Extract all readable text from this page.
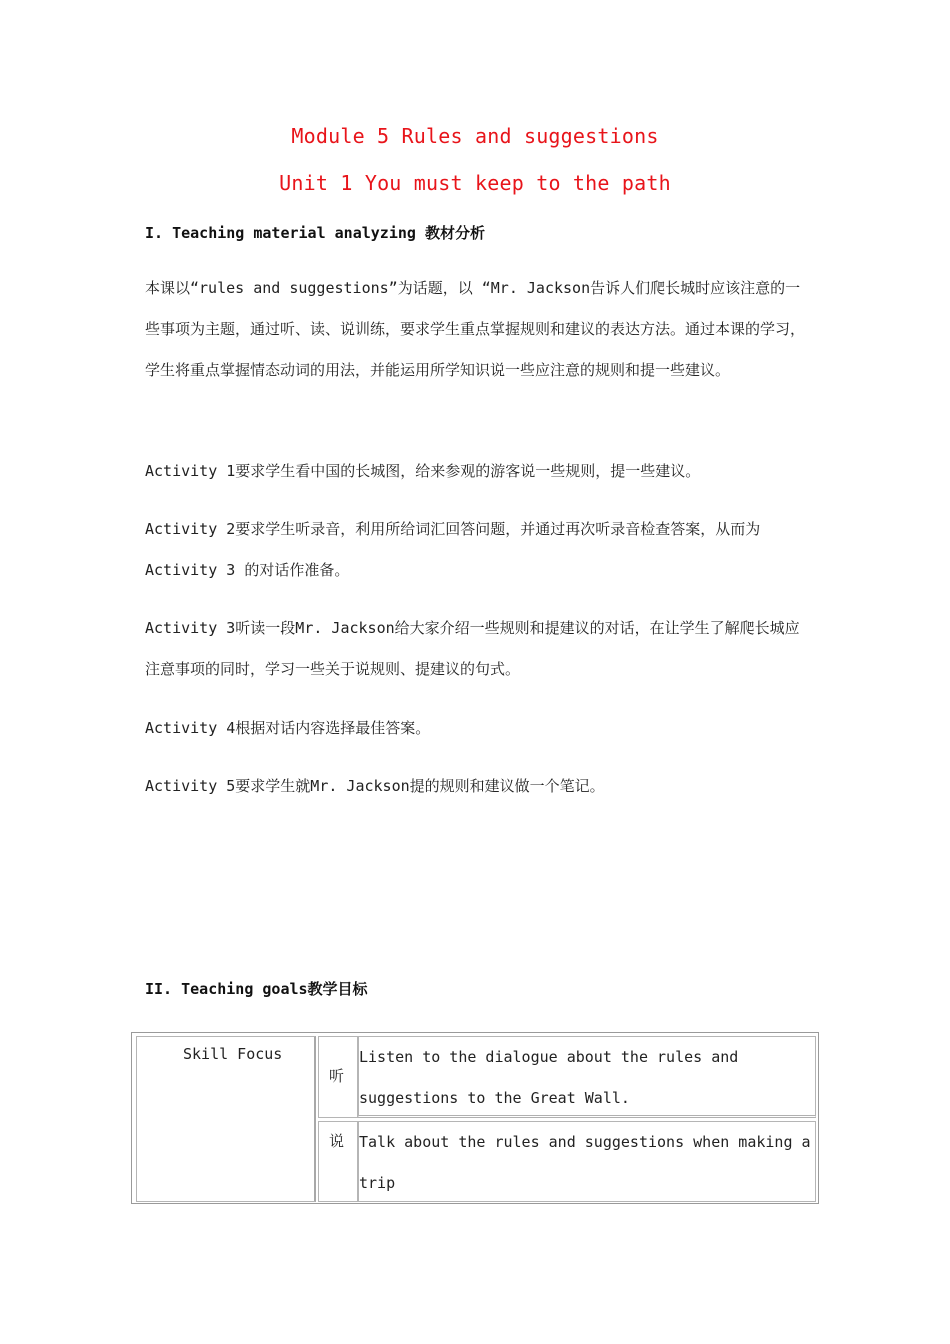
Module 5 Rules and suggestions
Unit 1 You must keep to the path
I. Teaching material analyzing 教材分析
本课以“rules and suggestions”为话题，以 “Mr. Jackson告诉人们爬长城时应该注意的一些事项为主题，通过听、读、说训练，要求学生重点掌握规则和建议的表达方法。通过本课的学习，学生将重点掌握情态动词的用法，并能运用所学知识说一些应注意的规则和提一些建议。
Activity 1要求学生看中国的长城图，给来参观的游客说一些规则，提一些建议。
Activity 2要求学生听录音，利用所给词汇回答问题，并通过再次听录音检查答案，从而为Activity 3 的对话作准备。
Activity 3听读一段Mr. Jackson给大家介绍一些规则和提建议的对话，在让学生了解爬长城应注意事项的同时，学习一些关于说规则、提建议的句式。
Activity 4根据对话内容选择最佳答案。
Activity 5要求学生就Mr. Jackson提的规则和建议做一个笔记。
II. Teaching goals教学目标
Skill Focus
听
Listen to the dialogue about the rules and suggestions to the Great Wall.
说 Talk about the rules and suggestions when making a trip
